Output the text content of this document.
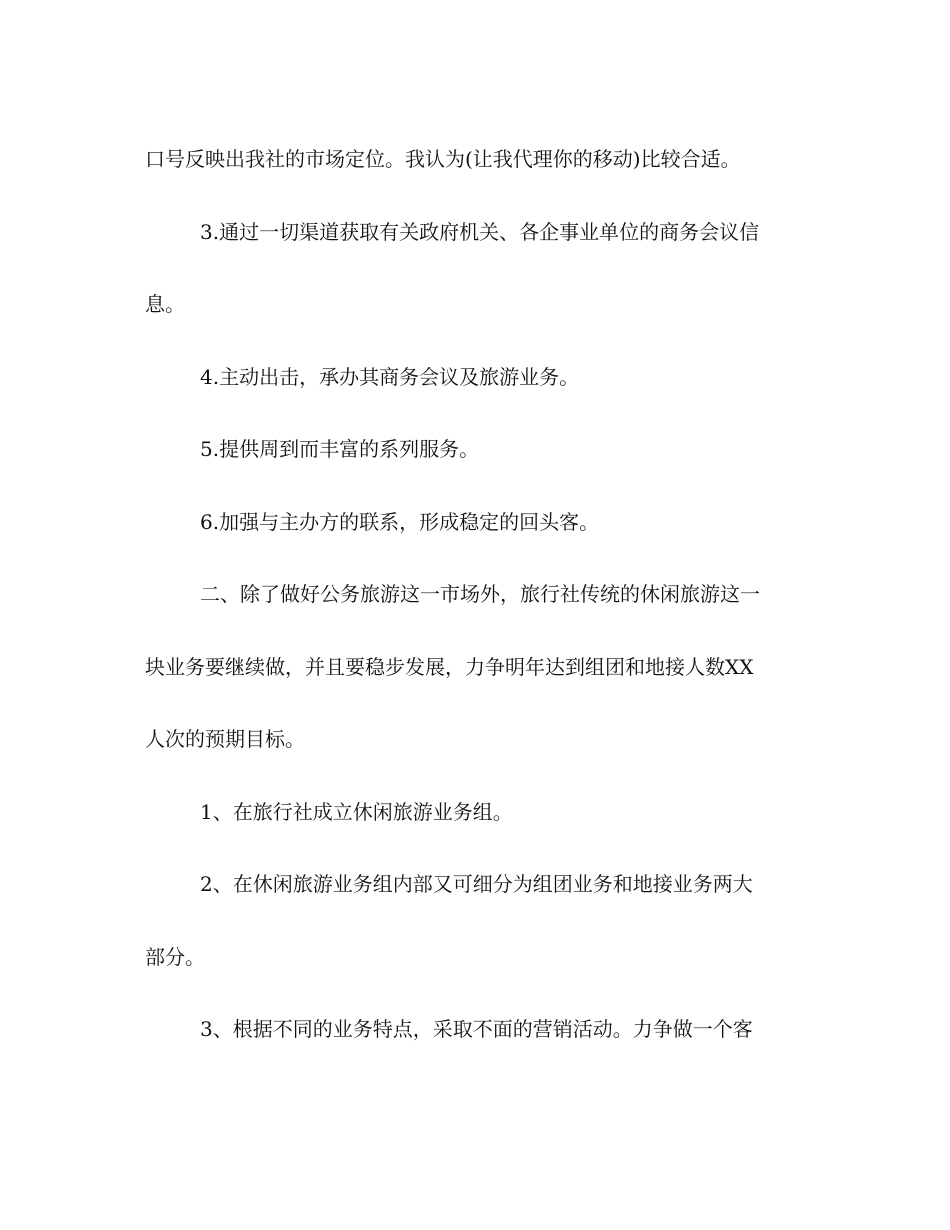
口号反映出我社的市场定位。我认为(让我代理你的移动)比较合适。
3.通过一切渠道获取有关政府机关、各企事业单位的商务会议信
息。
4.主动出击，承办其商务会议及旅游业务。
5.提供周到而丰富的系列服务。
6.加强与主办方的联系，形成稳定的回头客。
二、除了做好公务旅游这一市场外，旅行社传统的休闲旅游这一
块业务要继续做，并且要稳步发展，力争明年达到组团和地接人数XX
人次的预期目标。
1、在旅行社成立休闲旅游业务组。
2、在休闲旅游业务组内部又可细分为组团业务和地接业务两大
部分。
3、根据不同的业务特点，采取不面的营销活动。力争做一个客
